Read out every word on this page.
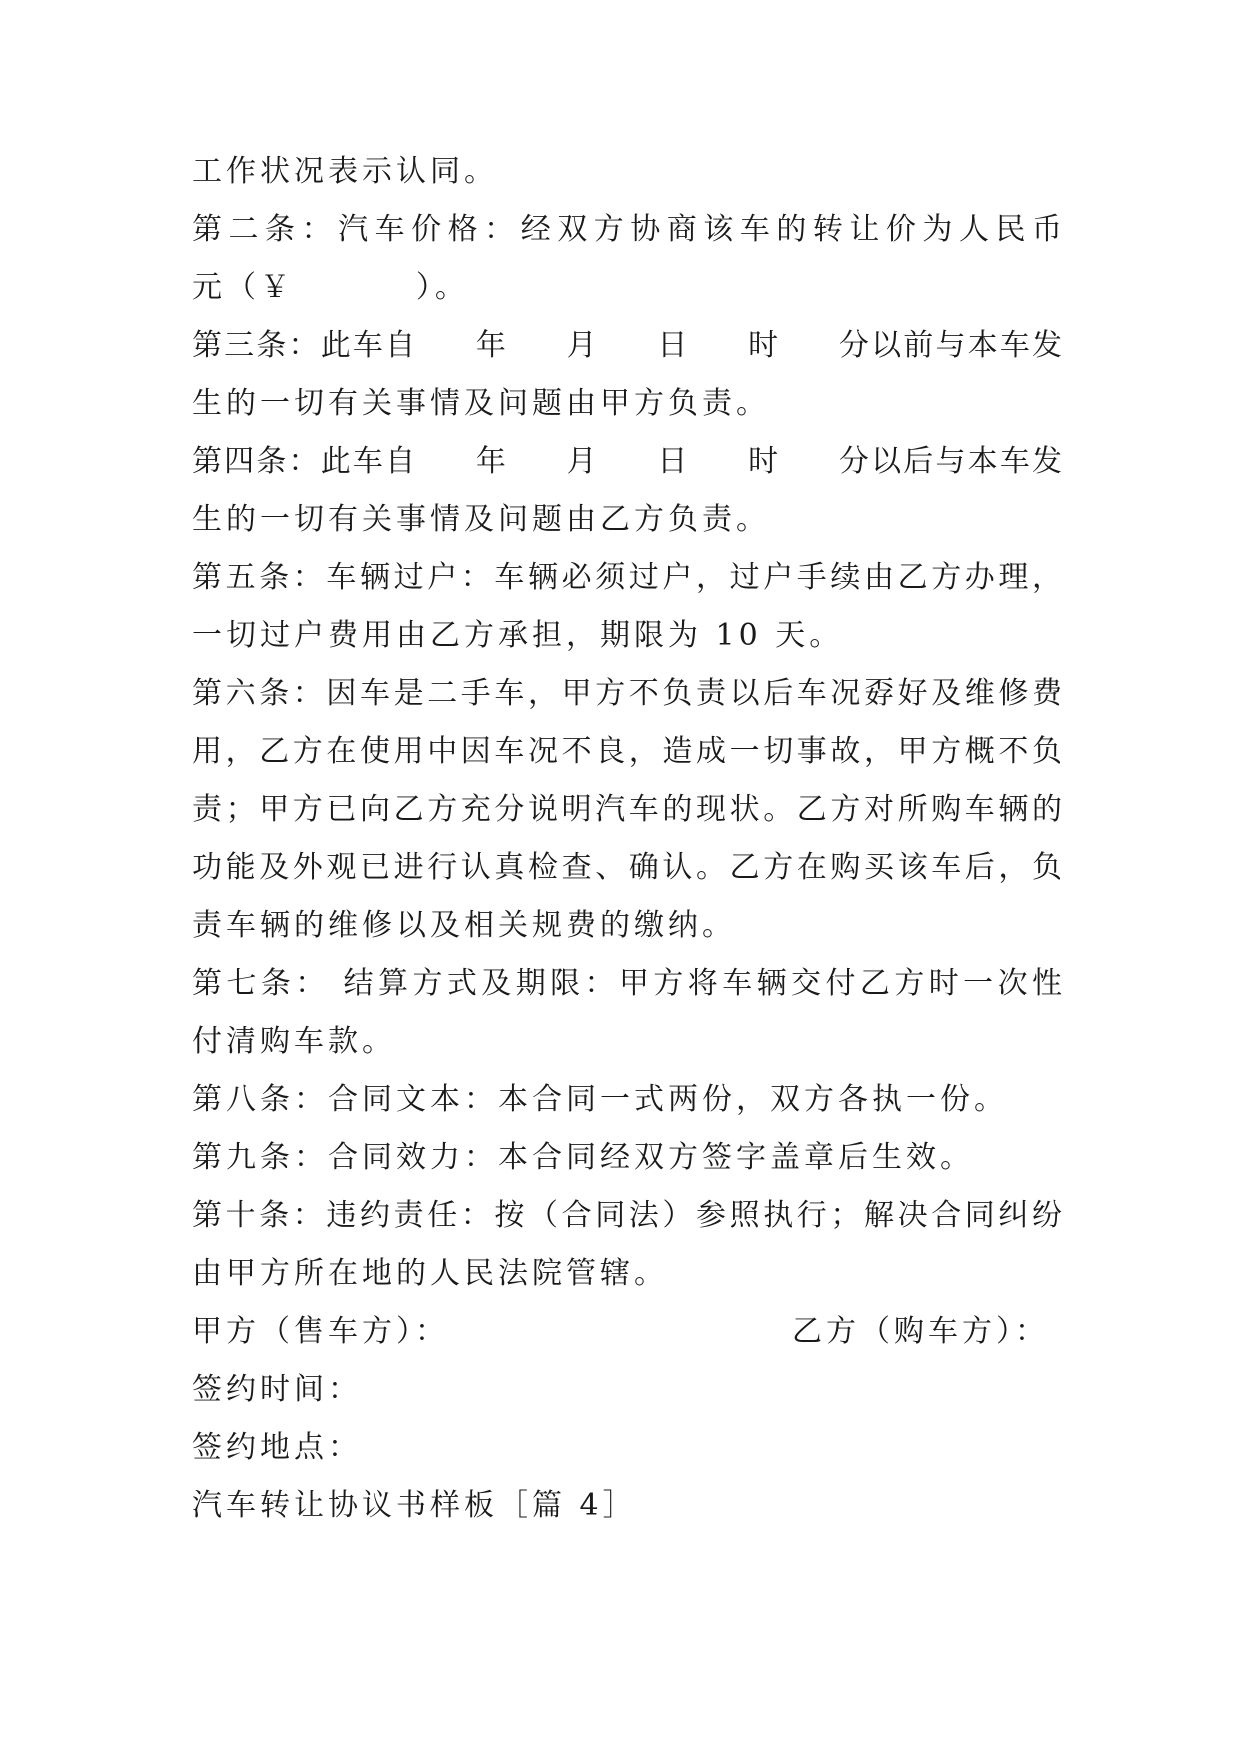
工作状况表示认同。
第二条：汽车价格：经双方协商该车的转让价为人民币
元（￥         ）。
第三条：此车自     年     月     日     时     分以前与本车发
生的一切有关事情及问题由甲方负责。
第四条：此车自     年     月     日     时     分以后与本车发
生的一切有关事情及问题由乙方负责。
第五条：车辆过户：车辆必须过户，过户手续由乙方办理，
一切过户费用由乙方承担，期限为 10 天。
第六条：因车是二手车，甲方不负责以后车况孬好及维修费
用，乙方在使用中因车况不良，造成一切事故，甲方概不负
责；甲方已向乙方充分说明汽车的现状。乙方对所购车辆的
功能及外观已进行认真检查、确认。乙方在购买该车后，负
责车辆的维修以及相关规费的缴纳。
第七条： 结算方式及期限：甲方将车辆交付乙方时一次性
付清购车款。
第八条：合同文本：本合同一式两份，双方各执一份。
第九条：合同效力：本合同经双方签字盖章后生效。
第十条：违约责任：按（合同法）参照执行；解决合同纠纷
由甲方所在地的人民法院管辖。
甲方（售车方）：	乙方（购车方）：
签约时间：
签约地点：
汽车转让协议书样板［篇 4］
